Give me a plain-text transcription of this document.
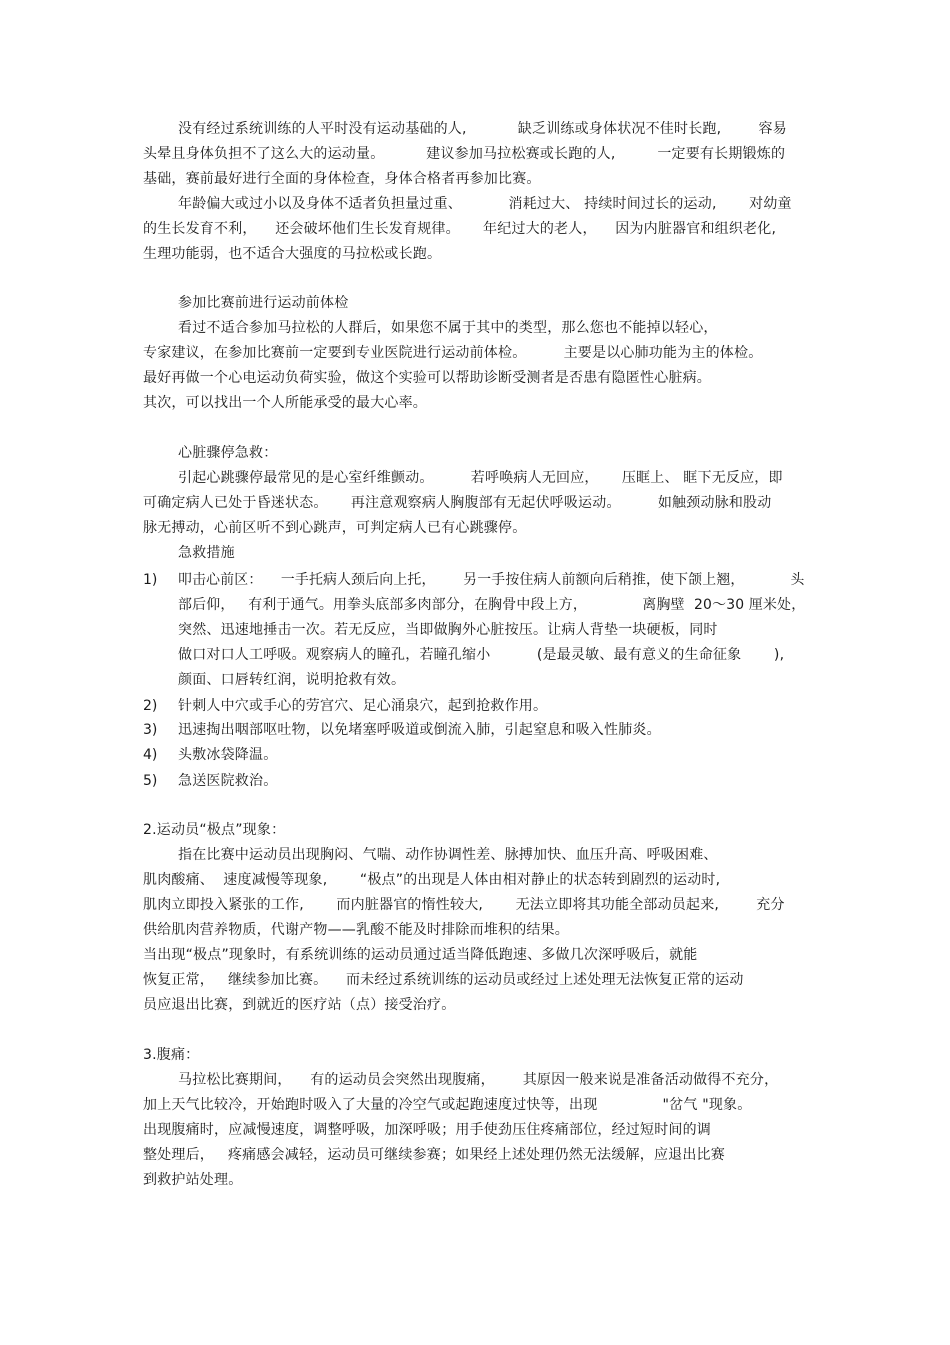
没有经过系统训练的人平时没有运动基础的人,           缺乏训练或身体状况不佳时长跑,        容易
头晕且身体负担不了这么大的运动量。         建议参加马拉松赛或长跑的人,         一定要有长期锻炼的
基础，赛前最好进行全面的身体检查，身体合格者再参加比赛。
年龄偏大或过小以及身体不适者负担量过重、          消耗过大、 持续时间过长的运动,       对幼童
的生长发育不利，    还会破坏他们生长发育规律。     年纪过大的老人，    因为内脏器官和组织老化,
生理功能弱，也不适合大强度的马拉松或长跑。
参加比赛前进行运动前体检
看过不适合参加马拉松的人群后，如果您不属于其中的类型，那么您也不能掉以轻心，
专家建议，在参加比赛前一定要到专业医院进行运动前体检。        主要是以心肺功能为主的体检。
最好再做一个心电运动负荷实验，做这个实验可以帮助诊断受测者是否患有隐匿性心脏病。
其次，可以找出一个人所能承受的最大心率。
心脏骤停急救：
引起心跳骤停最常见的是心室纤维颤动。        若呼唤病人无回应，     压眶上、 眶下无反应，即
可确定病人已处于昏迷状态。     再注意观察病人胸腹部有无起伏呼吸运动。        如触颈动脉和股动
脉无搏动，心前区听不到心跳声，可判定病人已有心跳骤停。
急救措施
1) 叩击心前区：    一手托病人颈后向上托，      另一手按住病人前额向后稍推，使下颌上翘，          头
部后仰，   有利于通气。用拳头底部多肉部分，在胸骨中段上方，            离胸壁  20～30 厘米处，
突然、迅速地捶击一次。若无反应，当即做胸外心脏按压。让病人背垫一块硬板，同时
做口对口人工呼吸。观察病人的瞳孔，若瞳孔缩小          (是最灵敏、最有意义的生命征象       ),
颜面、口唇转红润，说明抢救有效。
2) 针刺人中穴或手心的劳宫穴、足心涌泉穴，起到抢救作用。
3) 迅速掏出咽部呕吐物，以免堵塞呼吸道或倒流入肺，引起窒息和吸入性肺炎。
4) 头敷冰袋降温。
5) 急送医院救治。
2.运动员“极点”现象：
指在比赛中运动员出现胸闷、气喘、动作协调性差、脉搏加快、血压升高、呼吸困难、
肌肉酸痛、  速度减慢等现象,       “极点”的出现是人体由相对静止的状态转到剧烈的运动时,
肌肉立即投入紧张的工作,       而内脏器官的惰性较大,       无法立即将其功能全部动员起来,        充分
供给肌肉营养物质，代谢产物——乳酸不能及时排除而堆积的结果。
当出现“极点”现象时，有系统训练的运动员通过适当降低跑速、多做几次深呼吸后，就能
恢复正常，   继续参加比赛。    而未经过系统训练的运动员或经过上述处理无法恢复正常的运动
员应退出比赛，到就近的医疗站（点）接受治疗。
3.腹痛：
马拉松比赛期间，    有的运动员会突然出现腹痛，      其原因一般来说是准备活动做得不充分，
加上天气比较冷，开始跑时吸入了大量的冷空气或起跑速度过快等，出现              "岔气 "现象。
出现腹痛时，应减慢速度，调整呼吸，加深呼吸；用手使劲压住疼痛部位，经过短时间的调
整处理后，   疼痛感会减轻，运动员可继续参赛；如果经上述处理仍然无法缓解，应退出比赛
到救护站处理。
